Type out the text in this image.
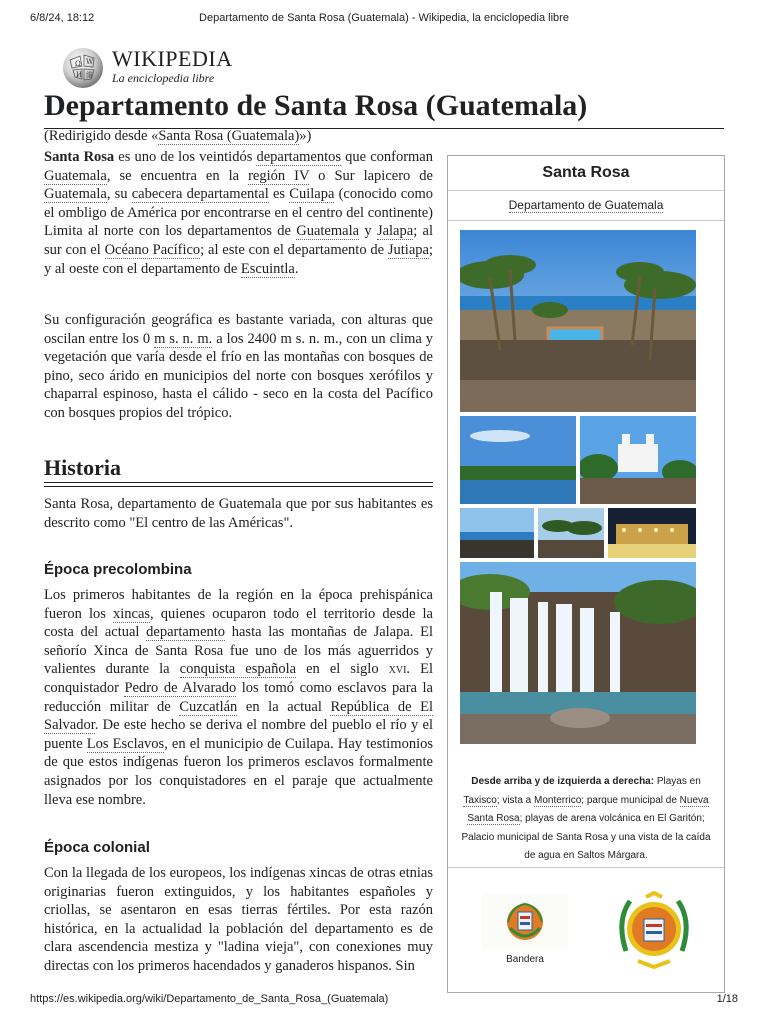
6/8/24, 18:12	Departamento de Santa Rosa (Guatemala) - Wikipedia, la enciclopedia libre
Ω W
И 維
WIKIPEDIA
La enciclopedia libre
Departamento de Santa Rosa (Guatemala)
(Redirigido desde «Santa Rosa (Guatemala)»)

Santa Rosa es uno de los veintidós departamentos que conforman Guatemala, se encuentra en la región IV o Sur lapicero de Guatemala, su cabecera departamental es Cuilapa (conocido como el ombligo de América por encontrarse en el centro del continente) Limita al norte con los departamentos de Guatemala y Jalapa; al sur con el Océano Pacífico; al este con el departamento de Jutiapa; y al oeste con el departamento de Escuintla.

Su configuración geográfica es bastante variada, con alturas que oscilan entre los 0 m s. n. m. a los 2400 m s. n. m., con un clima y vegetación que varía desde el frío en las montañas con bosques de pino, seco árido en municipios del norte con bosques xerófilos y chaparral espinoso, hasta el cálido - seco en la costa del Pacífico con bosques propios del trópico.

Historia
Santa Rosa, departamento de Guatemala que por sus habitantes es descrito como "El centro de las Américas".
Época precolombina

Los primeros habitantes de la región en la época prehispánica fueron los xincas, quienes ocuparon todo el territorio desde la costa del actual departamento hasta las montañas de Jalapa. El señorío Xinca de Santa Rosa fue uno de los más aguerridos y valientes durante la conquista española en el siglo xvi. El conquistador Pedro de Alvarado los tomó como esclavos para la reducción militar de Cuzcatlán en la actual República de El Salvador. De este hecho se deriva el nombre del pueblo el río y el puente Los Esclavos, en el municipio de Cuilapa. Hay testimonios de que estos indígenas fueron los primeros esclavos formalmente asignados por los conquistadores en el paraje que actualmente lleva ese nombre.

Época colonial
Con la llegada de los europeos, los indígenas xincas de otras etnias originarias fueron extinguidos, y los habitantes españoles y criollas, se asentaron en esas tierras fértiles. Por esta razón histórica, en la actualidad la población del departamento es de clara ascendencia mestiza y "ladina vieja", con conexiones muy directas con los primeros hacendados y ganaderos hispanos. Sin
Santa Rosa
Departamento de Guatemala
Desde arriba y de izquierda a derecha: Playas en Taxisco; vista a Monterrico; parque municipal de Nueva Santa Rosa; playas de arena volcánica en El Garitón; Palacio municipal de Santa Rosa y una vista de la caída de agua en Saltos Márgara.
Bandera
https://es.wikipedia.org/wiki/Departamento_de_Santa_Rosa_(Guatemala)	1/18
